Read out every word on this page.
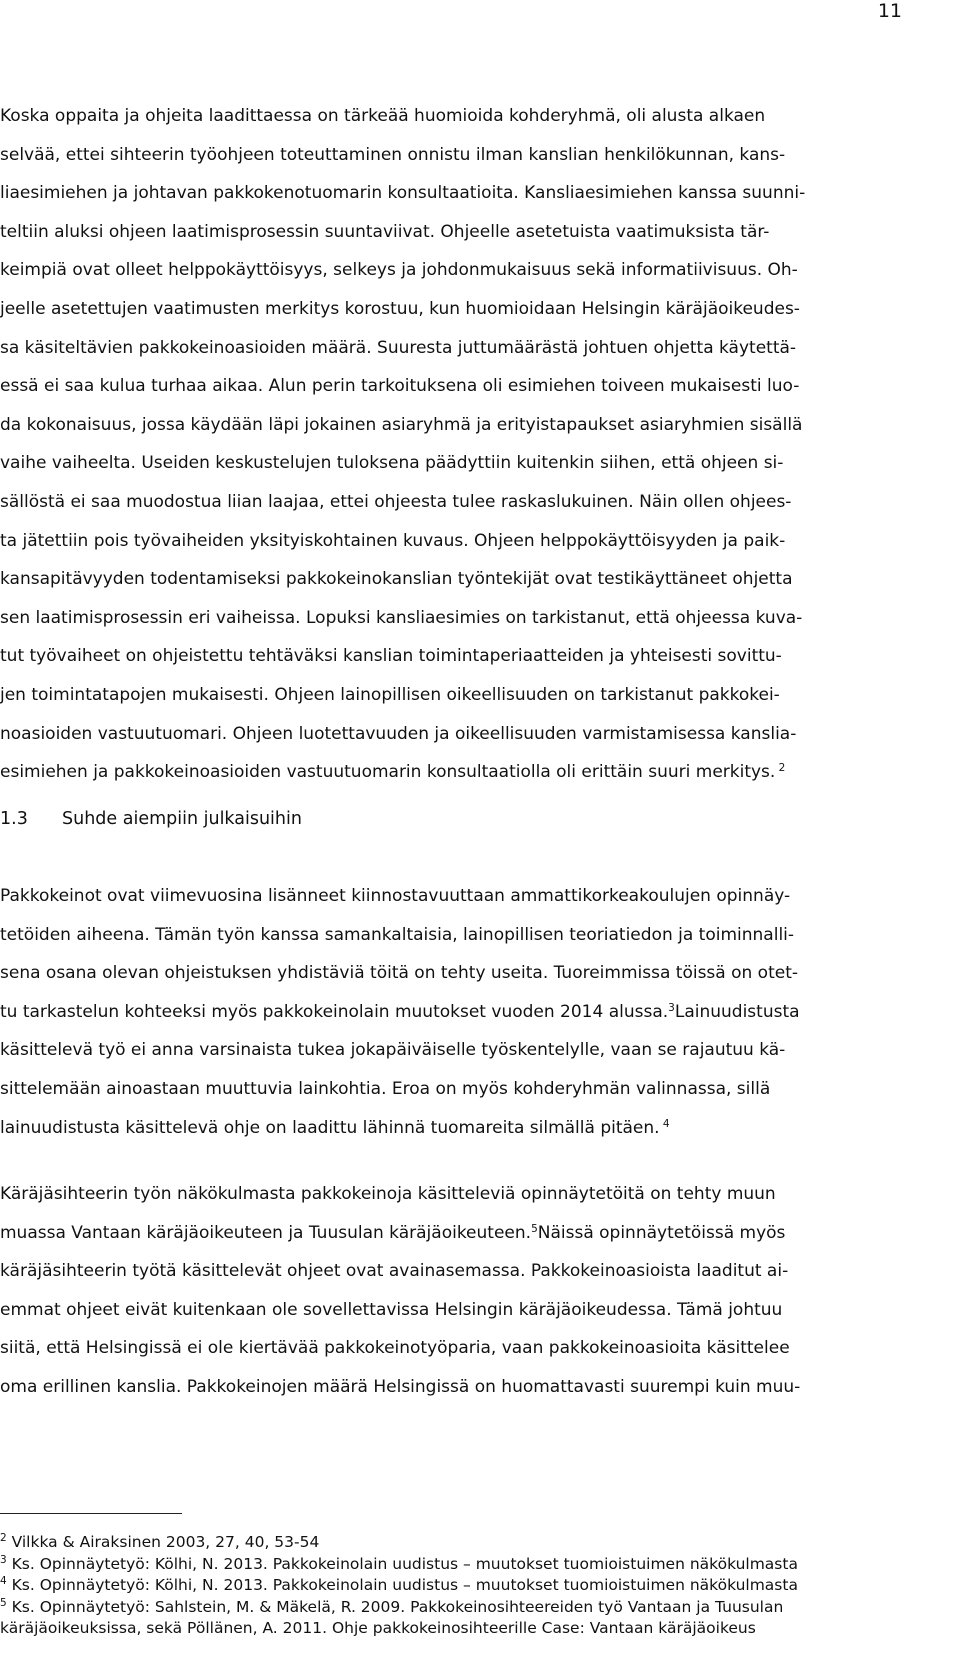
11
Koska oppaita ja ohjeita laadittaessa on tärkeää huomioida kohderyhmä, oli alusta alkaen
selvää, ettei sihteerin työohjeen toteuttaminen onnistu ilman kanslian henkilökunnan, kans-
liaesimiehen ja johtavan pakkokenotuomarin konsultaatioita. Kansliaesimiehen kanssa suunni-
teltiin aluksi ohjeen laatimisprosessin suuntaviivat. Ohjeelle asetetuista vaatimuksista tär-
keimpiä ovat olleet helppokäyttöisyys, selkeys ja johdonmukaisuus sekä informatiivisuus. Oh-
jeelle asetettujen vaatimusten merkitys korostuu, kun huomioidaan Helsingin käräjäoikeudes-
sa käsiteltävien pakkokeinoasioiden määrä. Suuresta juttumäärästä johtuen ohjetta käytettä-
essä ei saa kulua turhaa aikaa. Alun perin tarkoituksena oli esimiehen toiveen mukaisesti luo-
da kokonaisuus, jossa käydään läpi jokainen asiaryhmä ja erityistapaukset asiaryhmien sisällä
vaihe vaiheelta. Useiden keskustelujen tuloksena päädyttiin kuitenkin siihen, että ohjeen si-
sällöstä ei saa muodostua liian laajaa, ettei ohjeesta tulee raskaslukuinen. Näin ollen ohjees-
ta jätettiin pois työvaiheiden yksityiskohtainen kuvaus. Ohjeen helppokäyttöisyyden ja paik-
kansapitävyyden todentamiseksi pakkokeinokanslian työntekijät ovat testikäyttäneet ohjetta
sen laatimisprosessin eri vaiheissa. Lopuksi kansliaesimies on tarkistanut, että ohjeessa kuva-
tut työvaiheet on ohjeistettu tehtäväksi kanslian toimintaperiaatteiden ja yhteisesti sovittu-
jen toimintatapojen mukaisesti. Ohjeen lainopillisen oikeellisuuden on tarkistanut pakkokei-
noasioiden vastuutuomari. Ohjeen luotettavuuden ja oikeellisuuden varmistamisessa kanslia-
esimiehen ja pakkokeinoasioiden vastuutuomarin konsultaatiolla oli erittäin suuri merkitys. $^2$
1.3 Suhde aiempiin julkaisuihin
Pakkokeinot ovat viimevuosina lisänneet kiinnostavuuttaan ammattikorkeakoulujen opinnäy-
tetöiden aiheena. Tämän työn kanssa samankaltaisia, lainopillisen teoriatiedon ja toiminnalli-
sena osana olevan ohjeistuksen yhdistäviä töitä on tehty useita. Tuoreimmissa töissä on otet-
tu tarkastelun kohteeksi myös pakkokeinolain muutokset vuoden 2014 alussa.$^3$Lainuudistusta
käsittelevä työ ei anna varsinaista tukea jokapäiväiselle työskentelylle, vaan se rajautuu kä-
sittelemään ainoastaan muuttuvia lainkohtia. Eroa on myös kohderyhmän valinnassa, sillä
lainuudistusta käsittelevä ohje on laadittu lähinnä tuomareita silmällä pitäen. $^4$
Käräjäsihteerin työn näkökulmasta pakkokeinoja käsitteleviä opinnäytetöitä on tehty muun
muassa Vantaan käräjäoikeuteen ja Tuusulan käräjäoikeuteen.$^5$Näissä opinnäytetöissä myös
käräjäsihteerin työtä käsittelevät ohjeet ovat avainasemassa. Pakkokeinoasioista laaditut ai-
emmat ohjeet eivät kuitenkaan ole sovellettavissa Helsingin käräjäoikeudessa. Tämä johtuu
siitä, että Helsingissä ei ole kiertävää pakkokeinotyöparia, vaan pakkokeinoasioita käsittelee
oma erillinen kanslia. Pakkokeinojen määrä Helsingissä on huomattavasti suurempi kuin muu-
$^2$ Vilkka & Airaksinen 2003, 27, 40, 53-54
$^3$ Ks. Opinnäytetyö: Kölhi, N. 2013. Pakkokeinolain uudistus – muutokset tuomioistuimen näkökulmasta
$^4$ Ks. Opinnäytetyö: Kölhi, N. 2013. Pakkokeinolain uudistus – muutokset tuomioistuimen näkökulmasta
$^5$ Ks. Opinnäytetyö: Sahlstein, M. & Mäkelä, R. 2009. Pakkokeinosihteereiden työ Vantaan ja Tuusulan
käräjäoikeuksissa, sekä Pöllänen, A. 2011. Ohje pakkokeinosihteerille Case: Vantaan käräjäoikeus
